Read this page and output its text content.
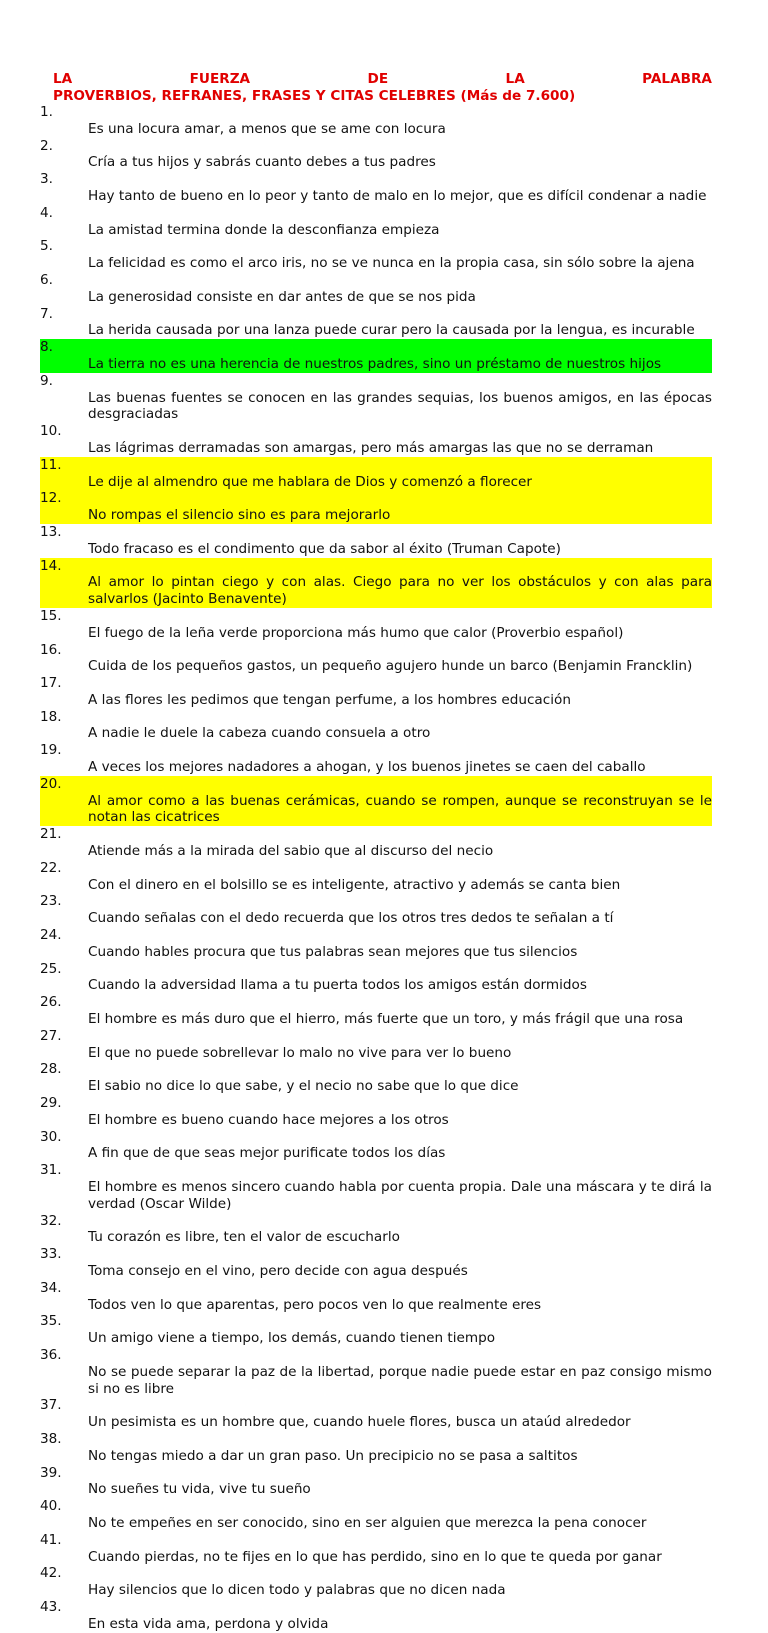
LA	FUERZA	DE	LA	PALABRA
PROVERBIOS, REFRANES, FRASES Y CITAS CELEBRES (Más de 7.600)
1.
Es una locura amar, a menos que se ame con locura
2.
Cría a tus hijos y sabrás cuanto debes a tus padres
3.
Hay tanto de bueno en lo peor y tanto de malo en lo mejor, que es difícil condenar a nadie
4.
La amistad termina donde la desconfianza empieza
5.
La felicidad es como el arco iris, no se ve nunca en la propia casa, sin sólo sobre la ajena
6.
La generosidad consiste en dar antes de que se nos pida
7.
La herida causada por una lanza puede curar pero la causada por la lengua, es incurable
8.
La tierra no es una herencia de nuestros padres, sino un préstamo de nuestros hijos
9.
Las buenas fuentes se conocen en las grandes sequias, los buenos amigos, en las épocas desgraciadas
10.
Las lágrimas derramadas son amargas, pero más amargas las que no se derraman
11.
Le dije al almendro que me hablara de Dios y comenzó a florecer
12.
No rompas el silencio sino es para mejorarlo
13.
Todo fracaso es el condimento que da sabor al éxito (Truman Capote)
14.
Al amor lo pintan ciego y con alas. Ciego para no ver los obstáculos y con alas para salvarlos (Jacinto Benavente)
15.
El fuego de la leña verde proporciona más humo que calor (Proverbio español)
16.
Cuida de los pequeños gastos, un pequeño agujero hunde un barco (Benjamin Francklin)
17.
A las flores les pedimos que tengan perfume, a los hombres educación
18.
A nadie le duele la cabeza cuando consuela a otro
19.
A veces los mejores nadadores a ahogan, y los buenos jinetes se caen del caballo
20.
Al amor como a las buenas cerámicas, cuando se rompen, aunque se reconstruyan se le notan las cicatrices
21.
Atiende más a la mirada del sabio que al discurso del necio
22.
Con el dinero en el bolsillo se es inteligente, atractivo y además se canta bien
23.
Cuando señalas con el dedo recuerda que los otros tres dedos te señalan a tí
24.
Cuando hables procura que tus palabras sean mejores que tus silencios
25.
Cuando la adversidad llama a tu puerta todos los amigos están dormidos
26.
El hombre es más duro que el hierro, más fuerte que un toro, y más frágil que una rosa
27.
El que no puede sobrellevar lo malo no vive para ver lo bueno
28.
El sabio no dice lo que sabe, y el necio no sabe que lo que dice
29.
El hombre es bueno cuando hace mejores a los otros
30.
A fin que de que seas mejor purificate todos los días
31.
El hombre es menos sincero cuando habla por cuenta propia. Dale una máscara y te dirá la verdad (Oscar Wilde)
32.
Tu corazón es libre, ten el valor de escucharlo
33.
Toma consejo en el vino, pero decide con agua después
34.
Todos ven lo que aparentas, pero pocos ven lo que realmente eres
35.
Un amigo viene a tiempo, los demás, cuando tienen tiempo
36.
No se puede separar la paz de la libertad, porque nadie puede estar en paz consigo mismo si no es libre
37.
Un pesimista es un hombre que, cuando huele flores, busca un ataúd alrededor
38.
No tengas miedo a dar un gran paso. Un precipicio no se pasa a saltitos
39.
No sueñes tu vida, vive tu sueño
40.
No te empeñes en ser conocido, sino en ser alguien que merezca la pena conocer
41.
Cuando pierdas, no te fijes en lo que has perdido, sino en lo que te queda por ganar
42.
Hay silencios que lo dicen todo y palabras que no dicen nada
43.
En esta vida ama, perdona y olvida
